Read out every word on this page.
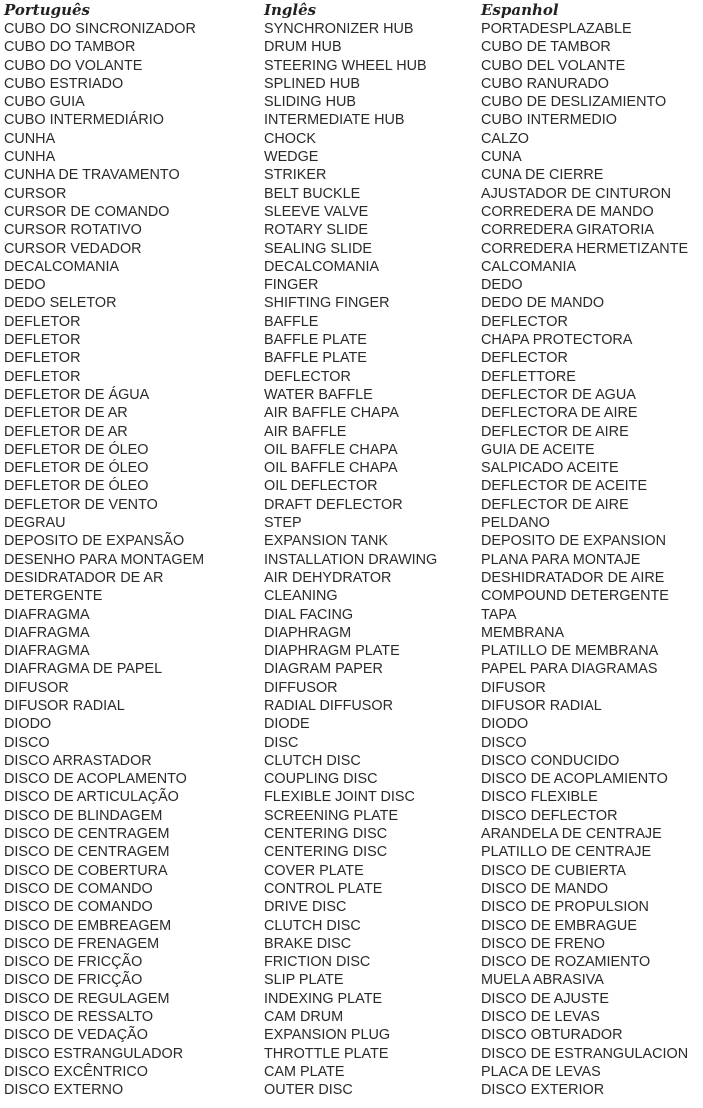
Português	Inglês	Espanhol
CUBO DO SINCRONIZADOR	SYNCHRONIZER HUB	PORTADESPLAZABLE
CUBO DO TAMBOR	DRUM HUB	CUBO DE TAMBOR
CUBO DO VOLANTE	STEERING WHEEL HUB	CUBO DEL VOLANTE
CUBO ESTRIADO	SPLINED HUB	CUBO RANURADO
CUBO GUIA	SLIDING HUB	CUBO DE DESLIZAMIENTO
CUBO INTERMEDIÁRIO	INTERMEDIATE HUB	CUBO INTERMEDIO
CUNHA	CHOCK	CALZO
CUNHA	WEDGE	CUNA
CUNHA DE TRAVAMENTO	STRIKER	CUNA DE CIERRE
CURSOR	BELT BUCKLE	AJUSTADOR DE CINTURON
CURSOR DE COMANDO	SLEEVE VALVE	CORREDERA DE MANDO
CURSOR ROTATIVO	ROTARY SLIDE	CORREDERA GIRATORIA
CURSOR VEDADOR	SEALING SLIDE	CORREDERA HERMETIZANTE
DECALCOMANIA	DECALCOMANIA	CALCOMANIA
DEDO	FINGER	DEDO
DEDO SELETOR	SHIFTING FINGER	DEDO DE MANDO
DEFLETOR	BAFFLE	DEFLECTOR
DEFLETOR	BAFFLE PLATE	CHAPA PROTECTORA
DEFLETOR	BAFFLE PLATE	DEFLECTOR
DEFLETOR	DEFLECTOR	DEFLETTORE
DEFLETOR DE ÁGUA	WATER BAFFLE	DEFLECTOR DE AGUA
DEFLETOR DE AR	AIR BAFFLE CHAPA	DEFLECTORA DE AIRE
DEFLETOR DE AR	AIR BAFFLE	DEFLECTOR DE AIRE
DEFLETOR DE ÓLEO	OIL BAFFLE CHAPA	GUIA DE ACEITE
DEFLETOR DE ÓLEO	OIL BAFFLE CHAPA	SALPICADO ACEITE
DEFLETOR DE ÓLEO	OIL DEFLECTOR	DEFLECTOR DE ACEITE
DEFLETOR DE VENTO	DRAFT DEFLECTOR	DEFLECTOR DE AIRE
DEGRAU	STEP	PELDANO
DEPOSITO DE EXPANSÃO	EXPANSION TANK	DEPOSITO DE EXPANSION
DESENHO PARA MONTAGEM	INSTALLATION DRAWING	PLANA PARA MONTAJE
DESIDRATADOR DE AR	AIR DEHYDRATOR	DESHIDRATADOR DE AIRE
DETERGENTE	CLEANING	COMPOUND DETERGENTE
DIAFRAGMA	DIAL FACING	TAPA
DIAFRAGMA	DIAPHRAGM	MEMBRANA
DIAFRAGMA	DIAPHRAGM PLATE	PLATILLO DE MEMBRANA
DIAFRAGMA DE PAPEL	DIAGRAM PAPER	PAPEL PARA DIAGRAMAS
DIFUSOR	DIFFUSOR	DIFUSOR
DIFUSOR RADIAL	RADIAL DIFFUSOR	DIFUSOR RADIAL
DIODO	DIODE	DIODO
DISCO	DISC	DISCO
DISCO ARRASTADOR	CLUTCH DISC	DISCO CONDUCIDO
DISCO DE ACOPLAMENTO	COUPLING DISC	DISCO DE ACOPLAMIENTO
DISCO DE ARTICULAÇÃO	FLEXIBLE JOINT DISC	DISCO FLEXIBLE
DISCO DE BLINDAGEM	SCREENING PLATE	DISCO DEFLECTOR
DISCO DE CENTRAGEM	CENTERING DISC	ARANDELA DE CENTRAJE
DISCO DE CENTRAGEM	CENTERING DISC	PLATILLO DE CENTRAJE
DISCO DE COBERTURA	COVER PLATE	DISCO DE CUBIERTA
DISCO DE COMANDO	CONTROL PLATE	DISCO DE MANDO
DISCO DE COMANDO	DRIVE DISC	DISCO DE PROPULSION
DISCO DE EMBREAGEM	CLUTCH DISC	DISCO DE EMBRAGUE
DISCO DE FRENAGEM	BRAKE DISC	DISCO DE FRENO
DISCO DE FRICÇÃO	FRICTION DISC	DISCO DE ROZAMIENTO
DISCO DE FRICÇÃO	SLIP PLATE	MUELA ABRASIVA
DISCO DE REGULAGEM	INDEXING PLATE	DISCO DE AJUSTE
DISCO DE RESSALTO	CAM DRUM	DISCO DE LEVAS
DISCO DE VEDAÇÃO	EXPANSION PLUG	DISCO OBTURADOR
DISCO ESTRANGULADOR	THROTTLE PLATE	DISCO DE ESTRANGULACION
DISCO EXCÊNTRICO	CAM PLATE	PLACA DE LEVAS
DISCO EXTERNO	OUTER DISC	DISCO EXTERIOR
